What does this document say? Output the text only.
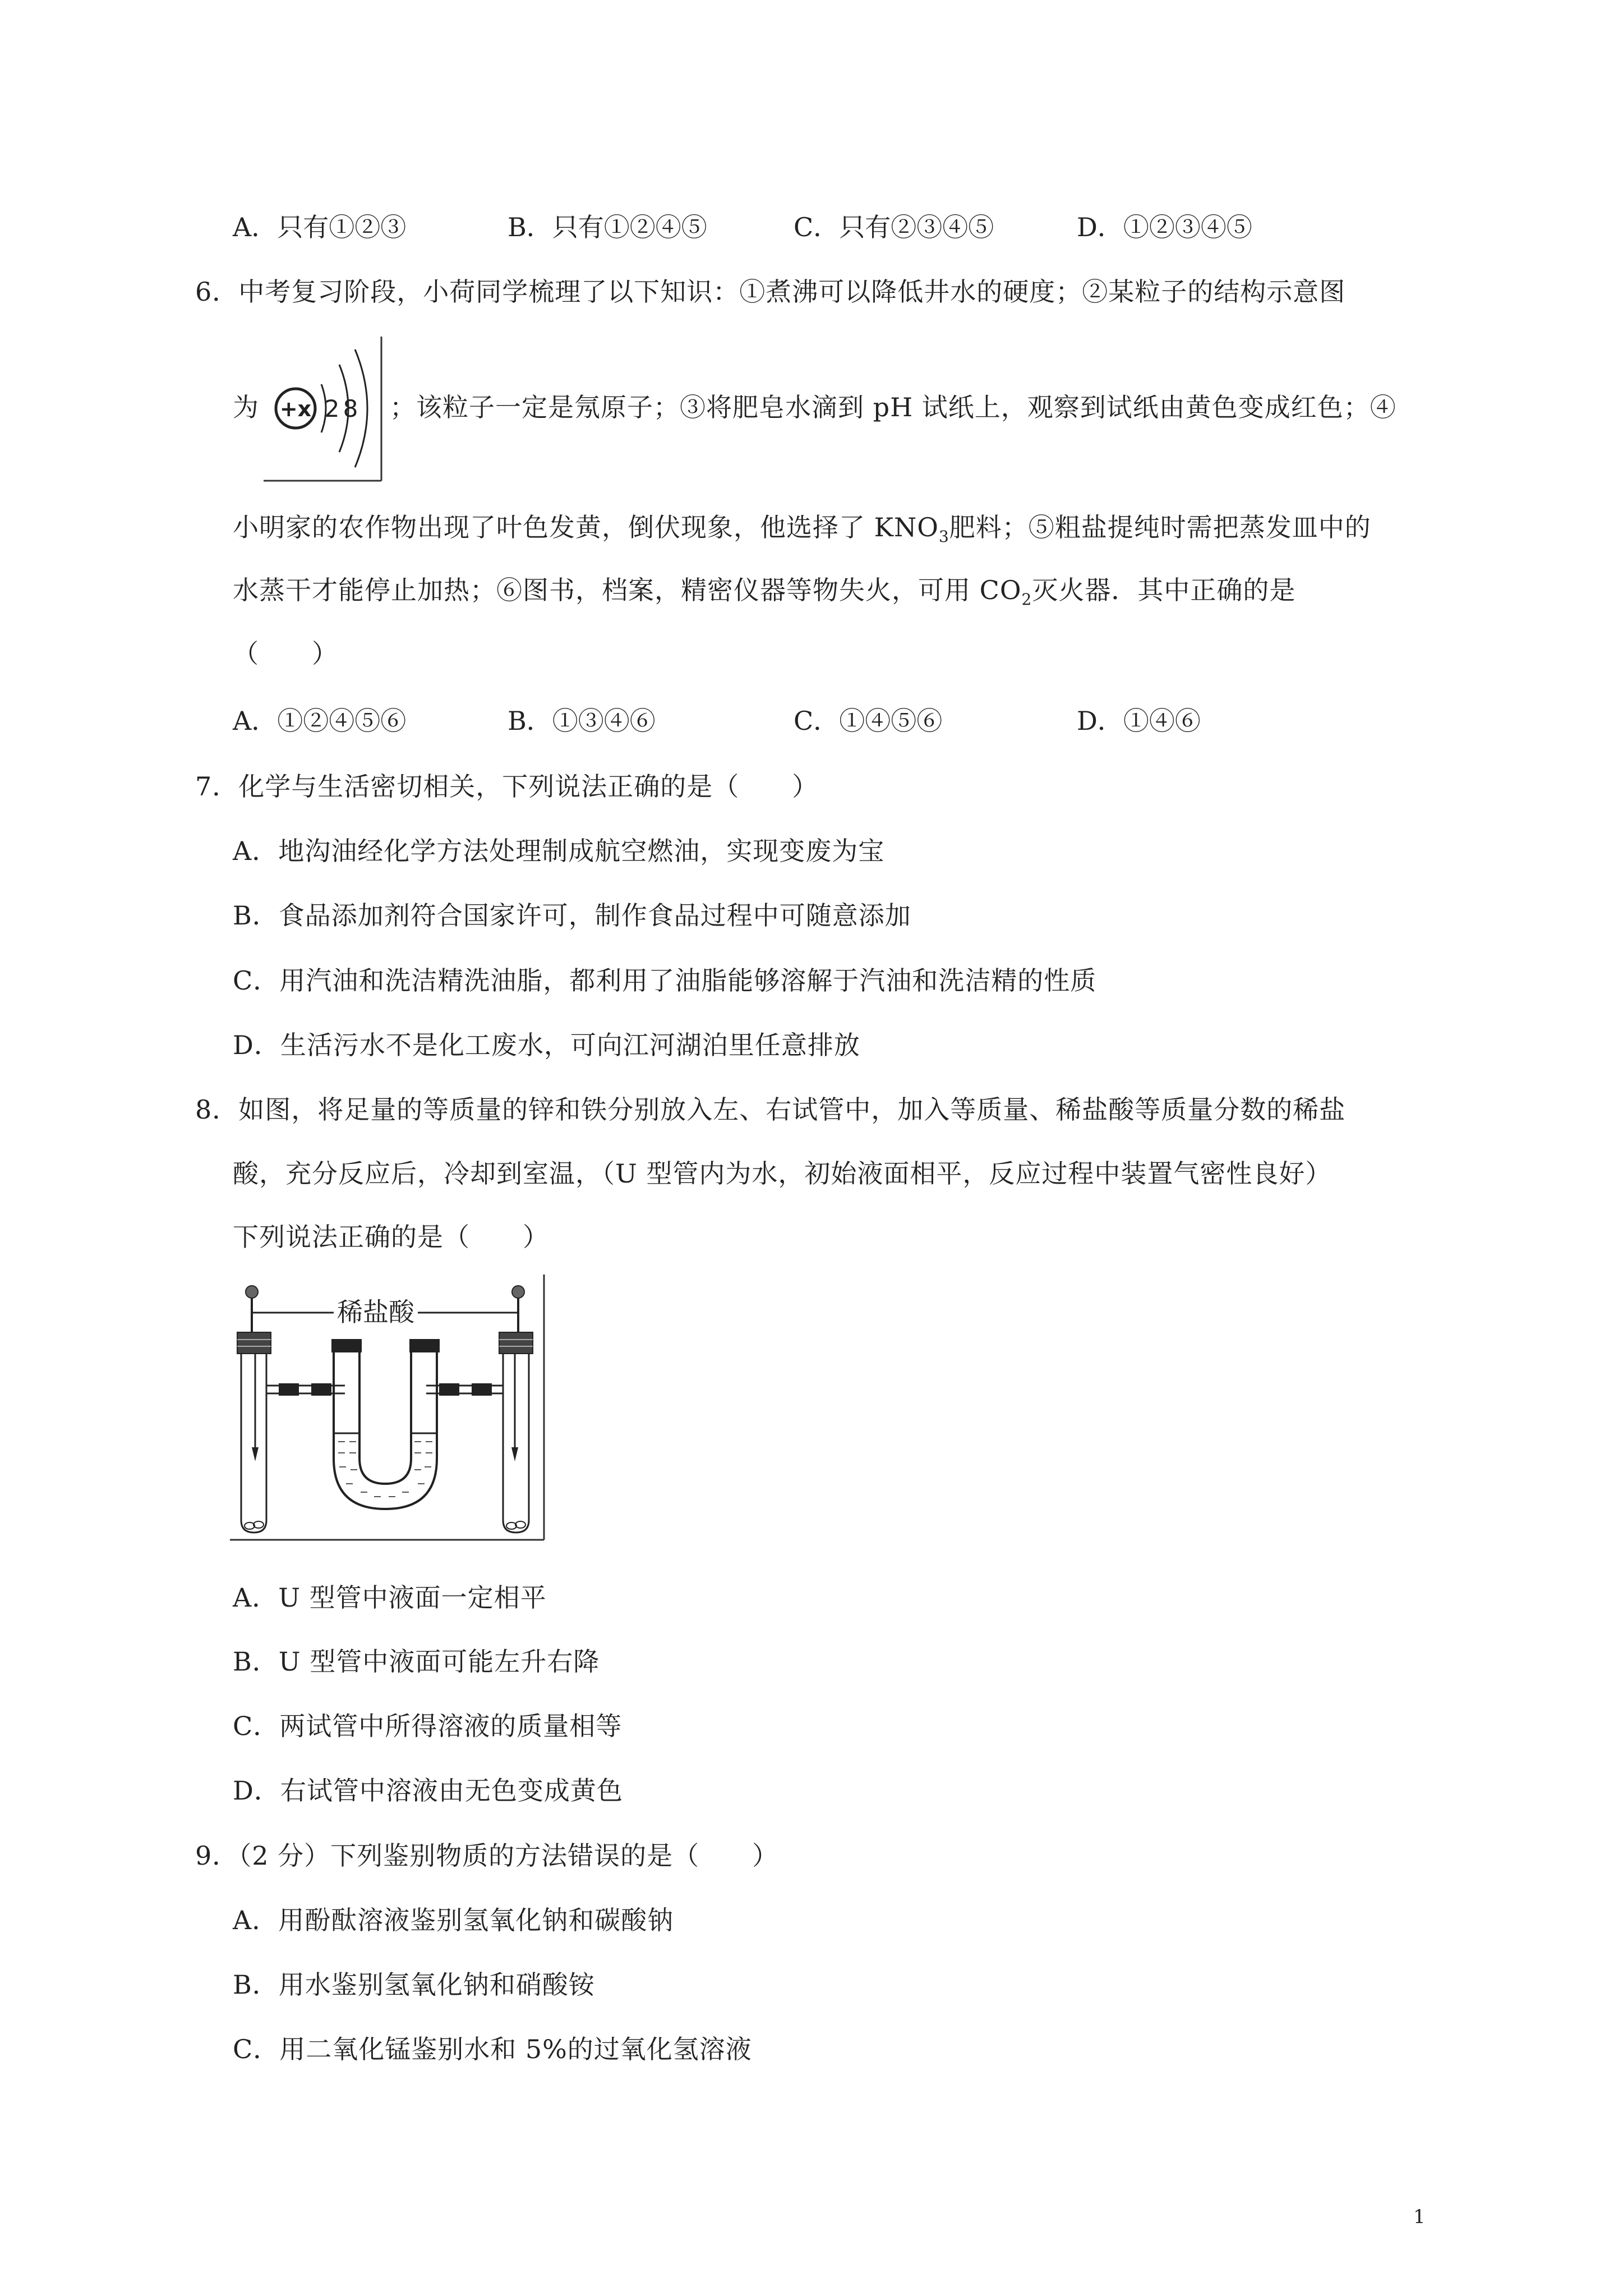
A．只有①②③	B．只有①②④⑤	C．只有②③④⑤	D．①②③④⑤
6．中考复习阶段，小荷同学梳理了以下知识：①煮沸可以降低井水的硬度；②某粒子的结构示意图
为 +x 2 8 ；该粒子一定是氖原子；③将肥皂水滴到 pH 试纸上，观察到试纸由黄色变成红色；④
小明家的农作物出现了叶色发黄，倒伏现象，他选择了 $KNO_3$肥料；⑤粗盐提纯时需把蒸发皿中的
水蒸干才能停止加热；⑥图书，档案，精密仪器等物失火，可用 $CO_2$灭火器．其中正确的是
（　　）
A．①②④⑤⑥	B．①③④⑥	C．①④⑤⑥	D．①④⑥
7．化学与生活密切相关，下列说法正确的是（　　）
A．地沟油经化学方法处理制成航空燃油，实现变废为宝
B．食品添加剂符合国家许可，制作食品过程中可随意添加
C．用汽油和洗洁精洗油脂，都利用了油脂能够溶解于汽油和洗洁精的性质
D．生活污水不是化工废水，可向江河湖泊里任意排放
8．如图，将足量的等质量的锌和铁分别放入左、右试管中，加入等质量、稀盐酸等质量分数的稀盐
酸，充分反应后，冷却到室温，（U 型管内为水，初始液面相平，反应过程中装置气密性良好）
下列说法正确的是（　　）
稀盐酸
A．U 型管中液面一定相平
B．U 型管中液面可能左升右降
C．两试管中所得溶液的质量相等
D．右试管中溶液由无色变成黄色
9．（2 分）下列鉴别物质的方法错误的是（　　）
A．用酚酞溶液鉴别氢氧化钠和碳酸钠
B．用水鉴别氢氧化钠和硝酸铵
C．用二氧化锰鉴别水和 5%的过氧化氢溶液
1
